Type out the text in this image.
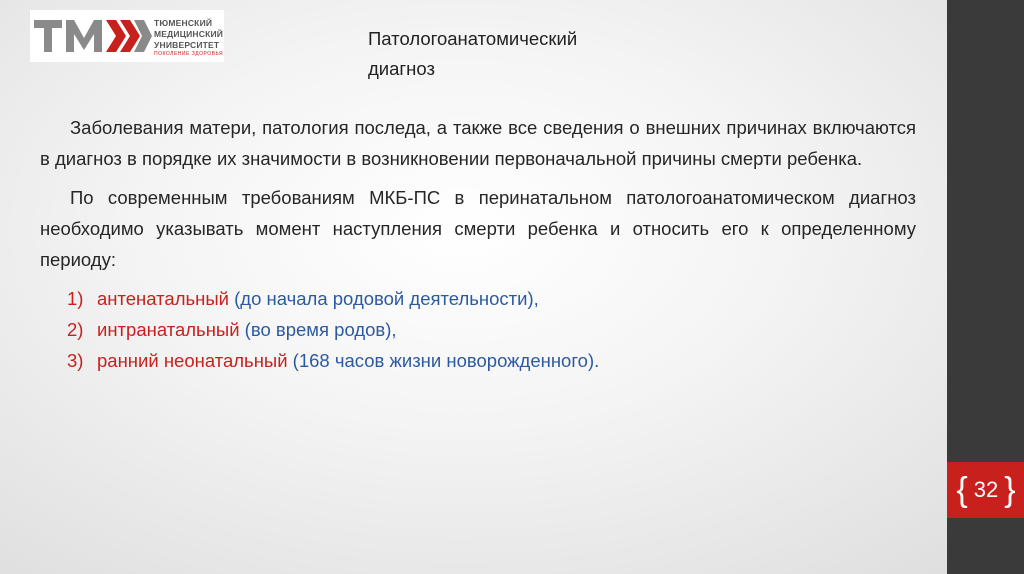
ТЮМЕНСКИЙ
МЕДИЦИНСКИЙ
УНИВЕРСИТЕТ
ПОКОЛЕНИЕ ЗДОРОВЬЯ
Патологоанатомический
диагноз

Заболевания матери, патология последа, а также все сведения о внешних причинах включаются в диагноз в порядке их значимости в возникновении первоначальной причины смерти ребенка.

По современным требованиям МКБ-ПС в перинатальном патологоанатомическом диагноз необходимо указывать момент наступления смерти ребенка и относить его к определенному периоду:

1) антенатальный (до начала родовой деятельности),
2) интранатальный (во время родов),
3) ранний неонатальный (168 часов жизни новорожденного).
{ 32 }
